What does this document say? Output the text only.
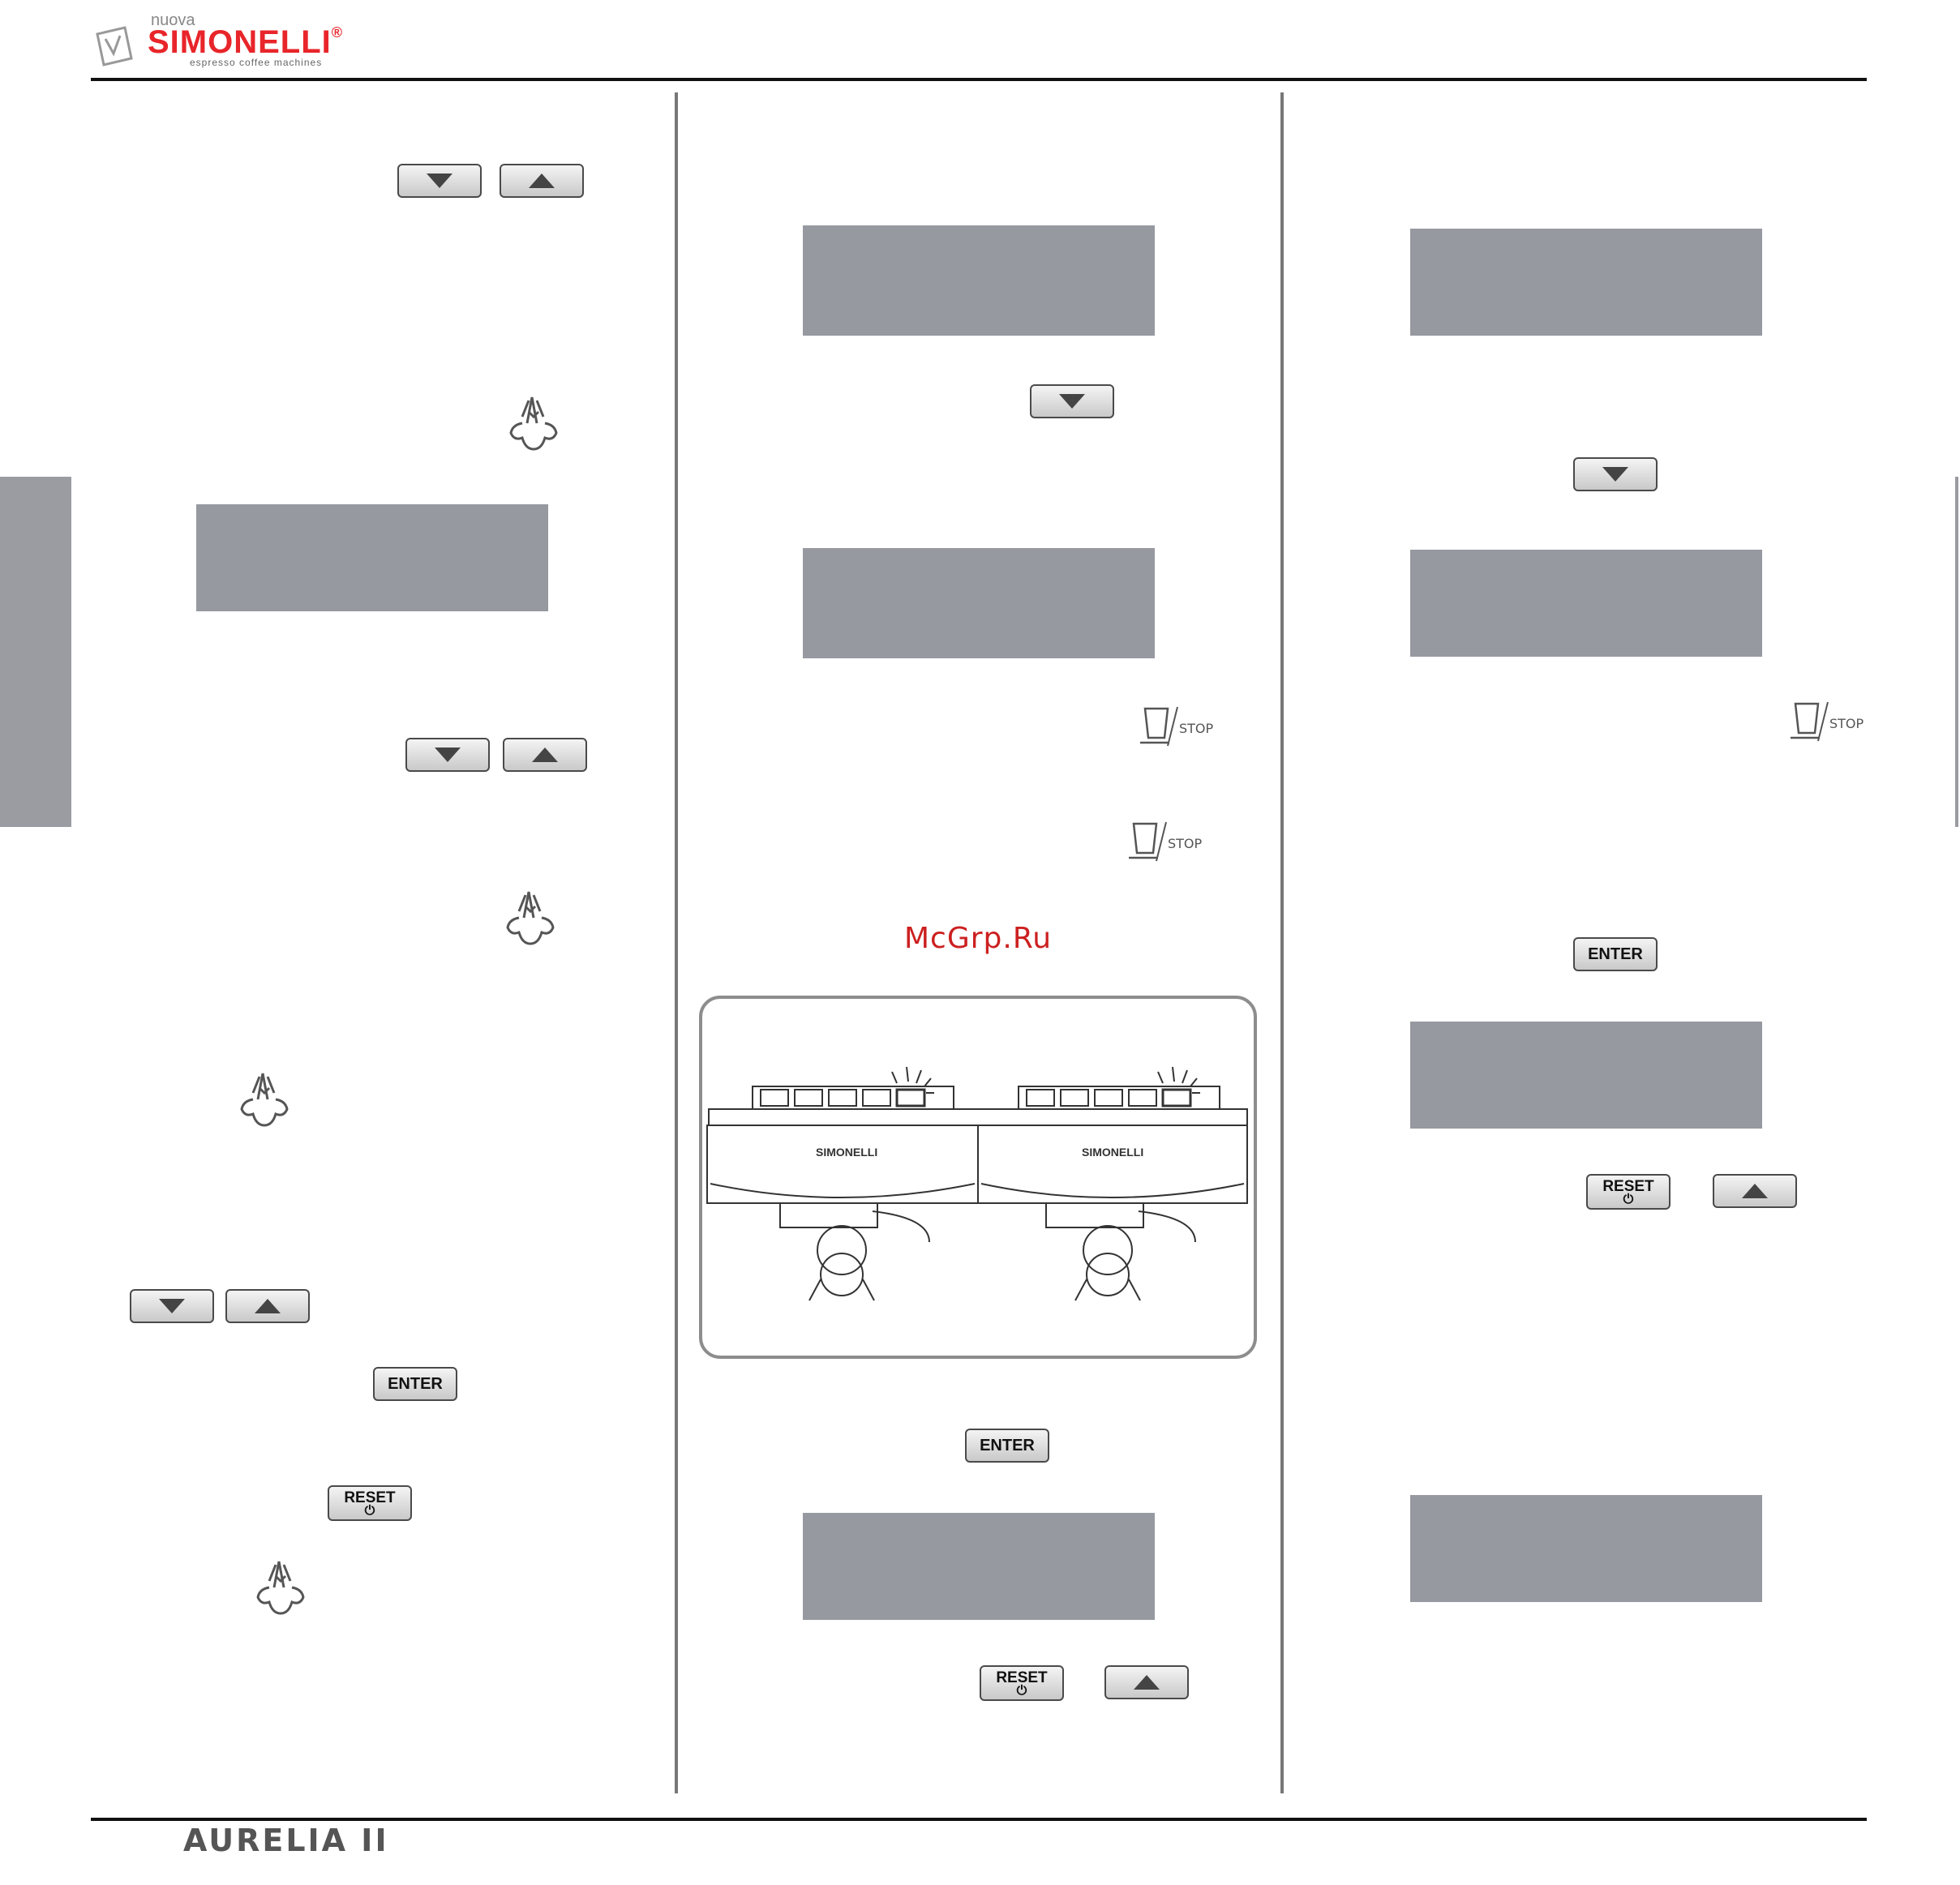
nuova
SIMONELLI®
espresso coffee machines
ENTER
RESET
⏻
STOP
STOP
McGrp.Ru
SIMONELLI	SIMONELLI
ENTER
RESET
⏻
STOP
ENTER
RESET
⏻
AURELIA II
